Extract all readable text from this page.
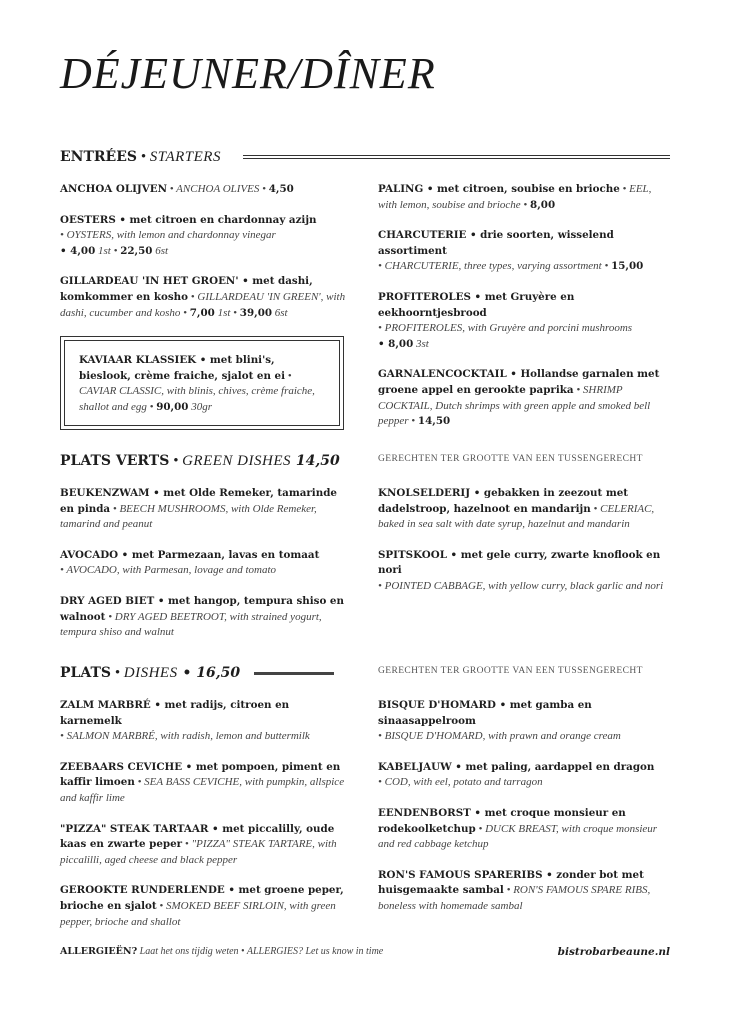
DÉJEUNER/DÎNER
ENTRÉES • STARTERS

ANCHOA OLIJVEN • ANCHOA OLIVES • 4,50

OESTERS • met citroen en chardonnay azijn

• OYSTERS, with lemon and chardonnay vinegar

• 4,00 1st • 22,50 6st

GILLARDEAU 'IN HET GROEN' • met dashi, komkommer en kosho • GILLARDEAU 'IN GREEN', with dashi, cucumber and kosho • 7,00 1st • 39,00 6st

KAVIAAR KLASSIEK • met blini's, bieslook, crème fraiche, sjalot en ei • CAVIAR CLASSIC, with blinis, chives, crème fraiche, shallot and egg • 90,00 30gr

PALING • met citroen, soubise en brioche • EEL, with lemon, soubise and brioche • 8,00

CHARCUTERIE • drie soorten, wisselend assortiment

• CHARCUTERIE, three types, varying assortment • 15,00

PROFITEROLES • met Gruyère en eekhoorntjesbrood

• PROFITEROLES, with Gruyère and porcini mushrooms

• 8,00 3st

GARNALENCOCKTAIL • Hollandse garnalen met groene appel en gerookte paprika • SHRIMP COCKTAIL, Dutch shrimps with green apple and smoked bell pepper • 14,50

PLATS VERTS • GREEN DISHES 14,50	GERECHTEN TER GROOTTE VAN EEN TUSSENGERECHT

BEUKENZWAM • met Olde Remeker, tamarinde en pinda • BEECH MUSHROOMS, with Olde Remeker, tamarind and peanut

AVOCADO • met Parmezaan, lavas en tomaat

• AVOCADO, with Parmesan, lovage and tomato

DRY AGED BIET • met hangop, tempura shiso en walnoot • DRY AGED BEETROOT, with strained yogurt, tempura shiso and walnut

KNOLSELDERIJ • gebakken in zeezout met dadelstroop, hazelnoot en mandarijn • CELERIAC, baked in sea salt with date syrup, hazelnut and mandarin

SPITSKOOL • met gele curry, zwarte knoflook en nori

• POINTED CABBAGE, with yellow curry, black garlic and nori

PLATS • DISHES • 16,50	GERECHTEN TER GROOTTE VAN EEN TUSSENGERECHT

ZALM MARBRÉ • met radijs, citroen en karnemelk

• SALMON MARBRÉ, with radish, lemon and buttermilk

ZEEBAARS CEVICHE • met pompoen, piment en kaffir limoen • SEA BASS CEVICHE, with pumpkin, allspice and kaffir lime

"PIZZA" STEAK TARTAAR • met piccalilly, oude kaas en zwarte peper • "PIZZA" STEAK TARTARE, with piccalilli, aged cheese and black pepper

GEROOKTE RUNDERLENDE • met groene peper, brioche en sjalot • SMOKED BEEF SIRLOIN, with green pepper, brioche and shallot

BISQUE D'HOMARD • met gamba en sinaasappelroom

• BISQUE D'HOMARD, with prawn and orange cream

KABELJAUW • met paling, aardappel en dragon

• COD, with eel, potato and tarragon

EENDENBORST • met croque monsieur en rodekoolketchup • DUCK BREAST, with croque monsieur and red cabbage ketchup

RON'S FAMOUS SPARERIBS • zonder bot met huisgemaakte sambal • RON'S FAMOUS SPARE RIBS, boneless with homemade sambal

ALLERGIEËN? Laat het ons tijdig weten • ALLERGIES? Let us know in time	bistrobarbeaune.nl
